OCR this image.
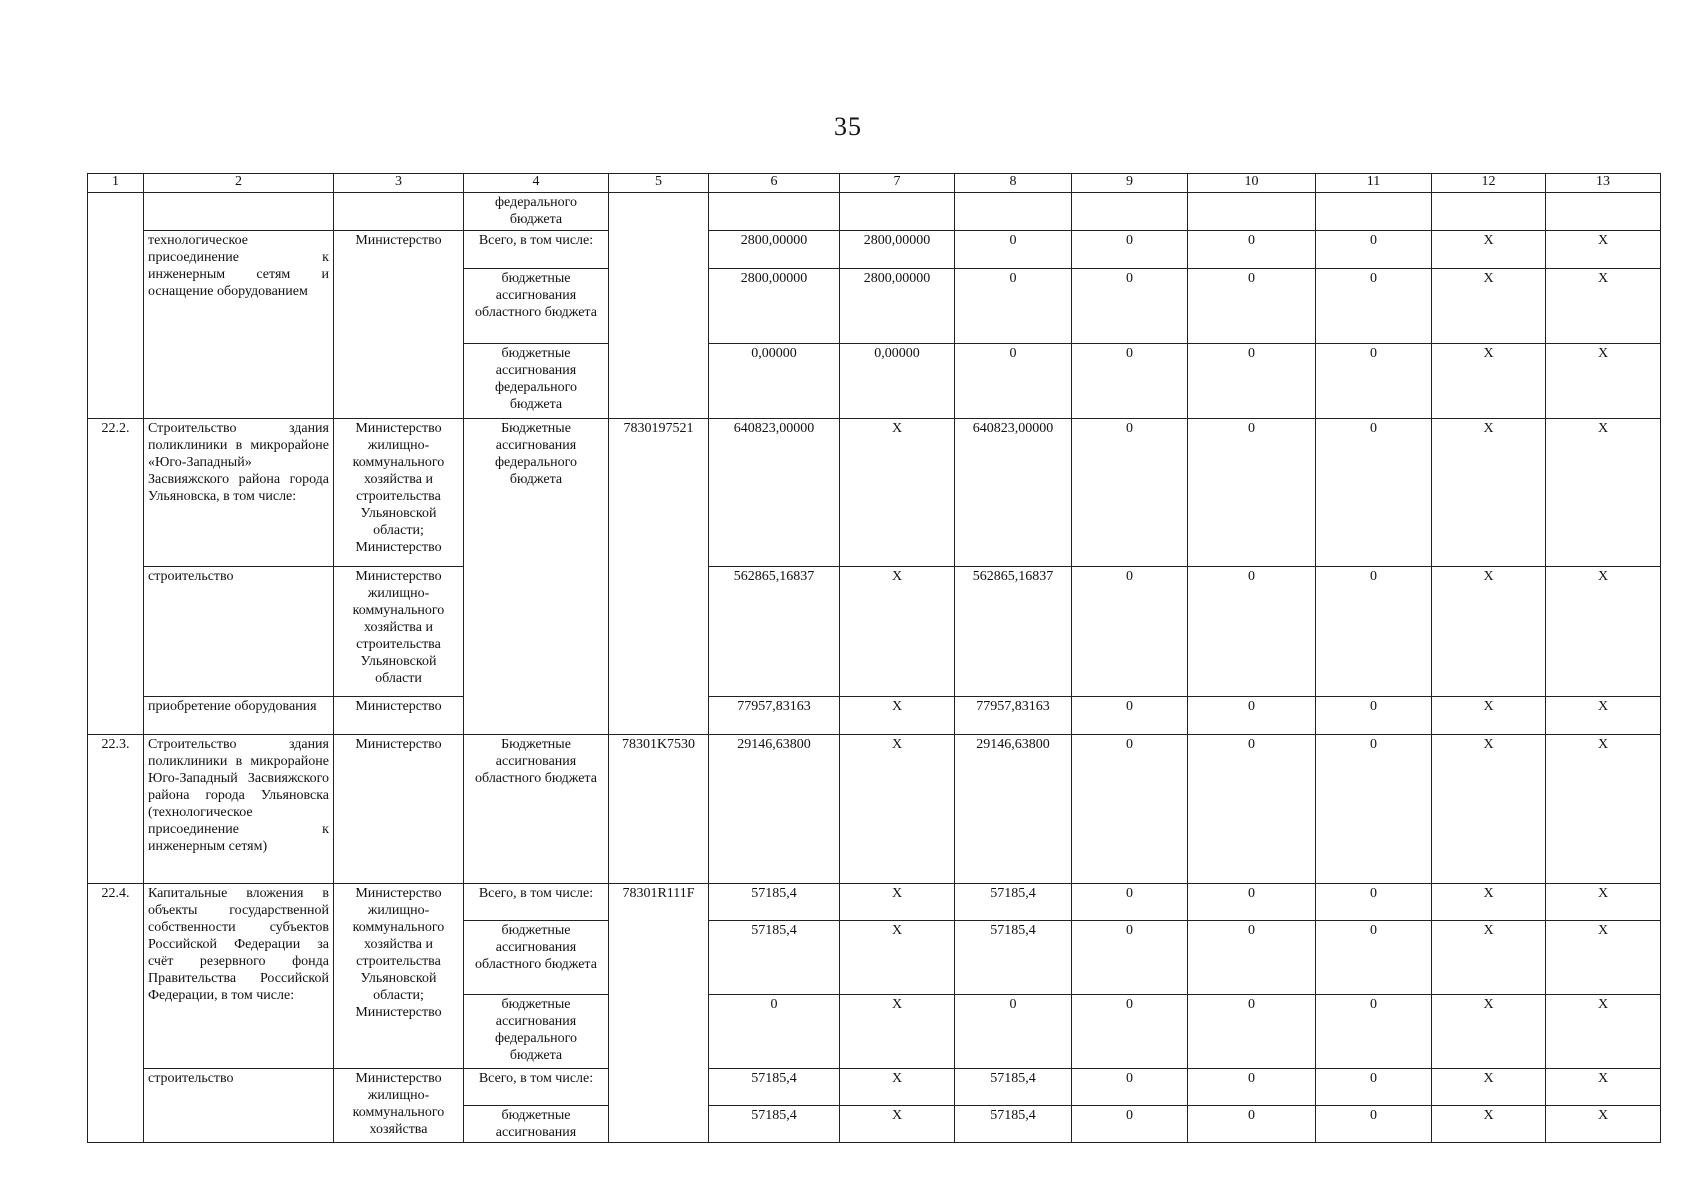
35
1	2	3	4	5	6	7	8	9	10	11	12	13
			федерального бюджета									
	технологическое присоединение к инженерным сетям и оснащение оборудованием	Министерство	Всего, в том числе:		2800,00000	2800,00000	0	0	0	0	X	X
			бюджетные ассигнования областного бюджета		2800,00000	2800,00000	0	0	0	0	X	X
			бюджетные ассигнования федерального бюджета		0,00000	0,00000	0	0	0	0	X	X
22.2.	Строительство здания поликлиники в микрорайоне «Юго-Западный» Засвияжского района города Ульяновска, в том числе:	Министерство жилищно-коммунального хозяйства и строительства Ульяновской области; Министерство	Бюджетные ассигнования федерального бюджета	7830197521	640823,00000	X	640823,00000	0	0	0	X	X
	строительство	Министерство жилищно-коммунального хозяйства и строительства Ульяновской области			562865,16837	X	562865,16837	0	0	0	X	X
	приобретение оборудования	Министерство			77957,83163	X	77957,83163	0	0	0	X	X
22.3.	Строительство здания поликлиники в микрорайоне Юго-Западный Засвияжского района города Ульяновска (технологическое присоединение к инженерным сетям)	Министерство	Бюджетные ассигнования областного бюджета	78301K7530	29146,63800	X	29146,63800	0	0	0	X	X
22.4.	Капитальные вложения в объекты государственной собственности субъектов Российской Федерации за счёт резервного фонда Правительства Российской Федерации, в том числе:	Министерство жилищно-коммунального хозяйства и строительства Ульяновской области; Министерство	Всего, в том числе:	78301R111F	57185,4	X	57185,4	0	0	0	X	X
			бюджетные ассигнования областного бюджета		57185,4	X	57185,4	0	0	0	X	X
			бюджетные ассигнования федерального бюджета		0	X	0	0	0	0	X	X
	строительство	Министерство жилищно-коммунального хозяйства	Всего, в том числе:		57185,4	X	57185,4	0	0	0	X	X
			бюджетные ассигнования		57185,4	X	57185,4	0	0	0	X	X
